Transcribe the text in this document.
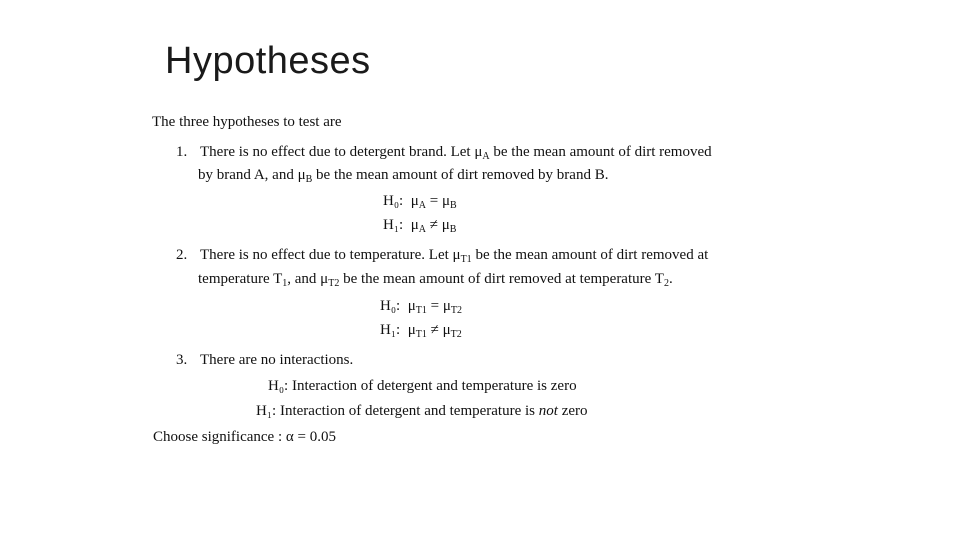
Hypotheses
The three hypotheses to test are
1. There is no effect due to detergent brand. Let $\mu_A$ be the mean amount of dirt removed
by brand A, and $\mu_B$ be the mean amount of dirt removed by brand B.
H₀: $\mu_A = \mu_B$
H₁: $\mu_A \ne \mu_B$
2. There is no effect due to temperature. Let $\mu_{T1}$ be the mean amount of dirt removed at
temperature $T_1$, and $\mu_{T2}$ be the mean amount of dirt removed at temperature $T_2$.
H₀: $\mu_{T1} = \mu_{T2}$
H₁: $\mu_{T1} \ne \mu_{T2}$
3. There are no interactions.
H₀: Interaction of detergent and temperature is zero
H₁: Interaction of detergent and temperature is not zero
Choose significance : α = 0.05
